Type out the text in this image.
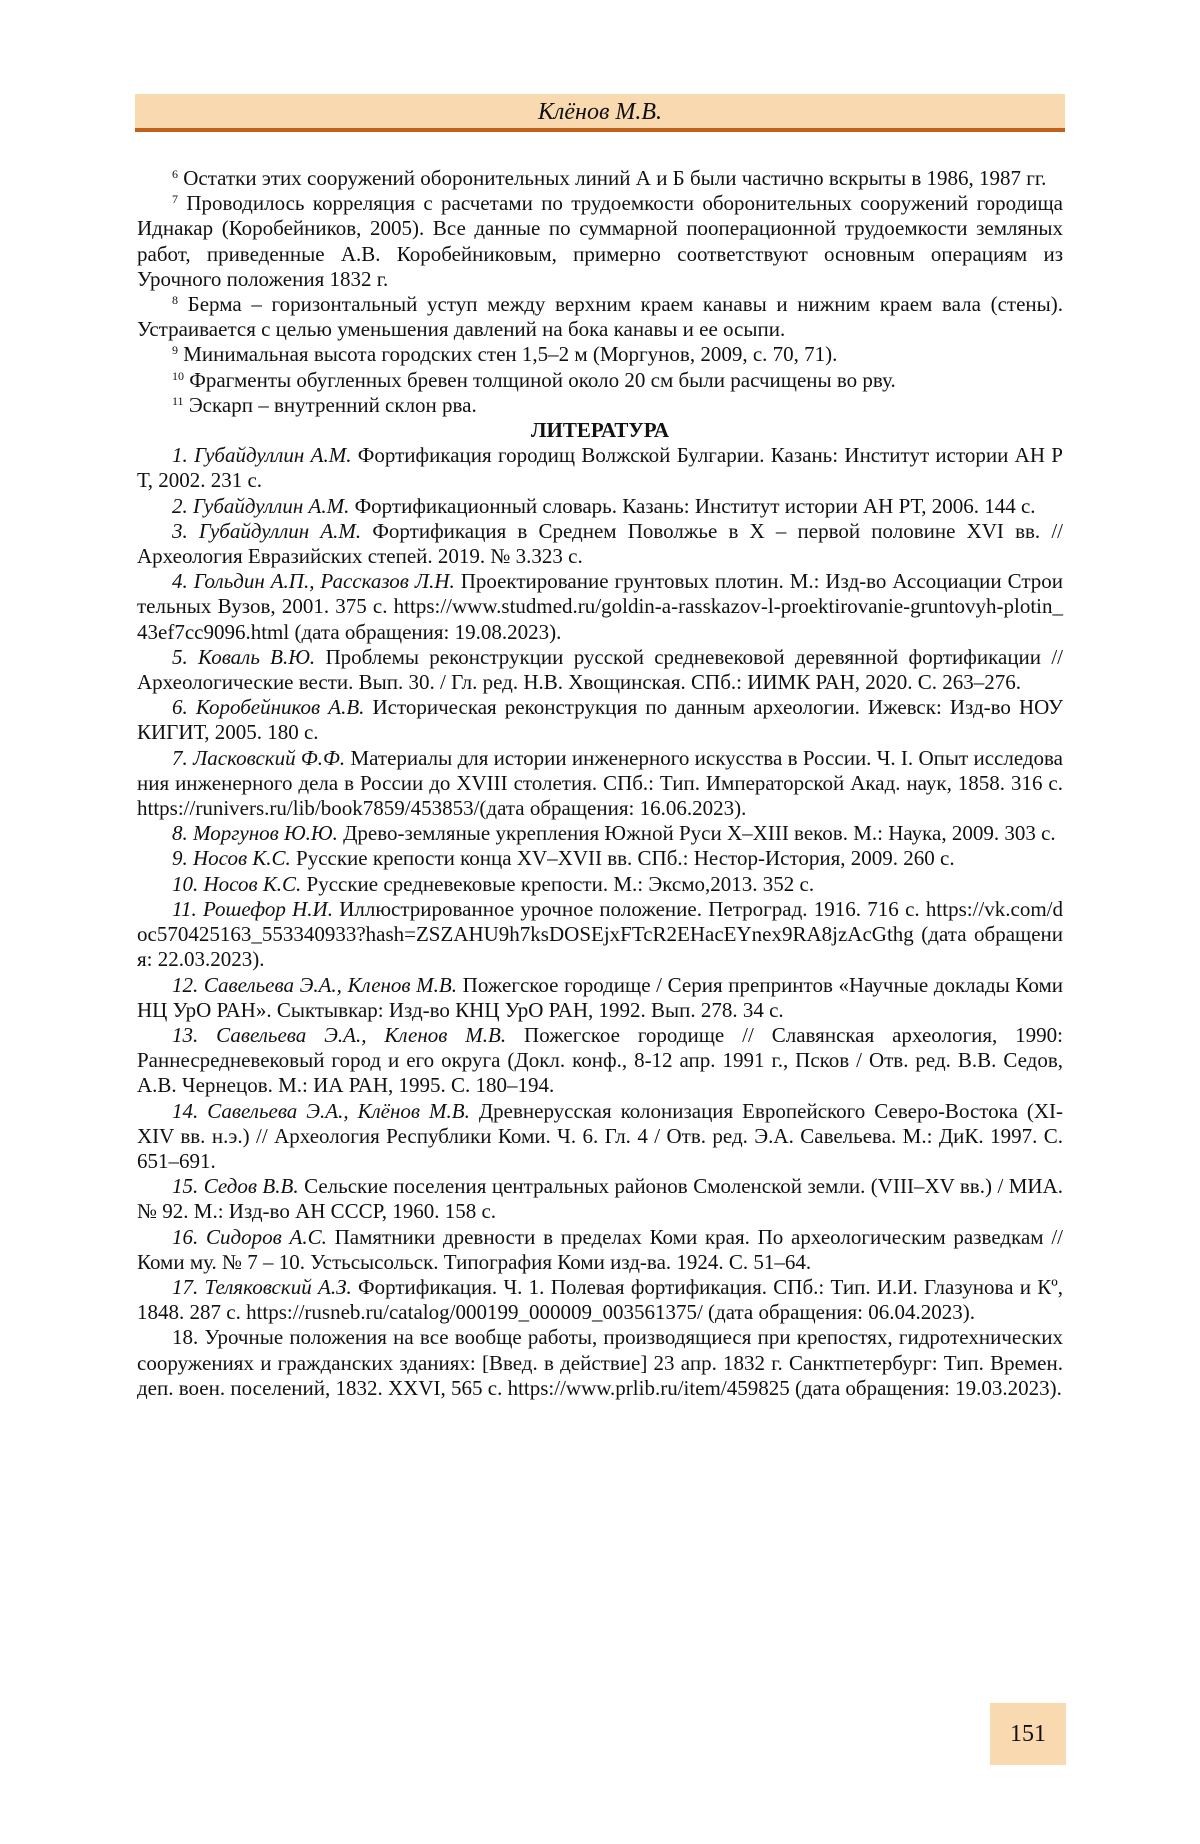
Клёнов М.В.

$^6$ Остатки этих сооружений оборонительных линий А и Б были частично вскрыты в 1986, 1987 гг.

$^7$ Проводилось корреляция с расчетами по трудоемкости оборонительных сооружений городища Иднакар (Коробейников, 2005). Все данные по суммарной пооперационной трудоемкости земляных работ, приведенные А.В. Коробейниковым, примерно соответствуют основным операциям из Урочного положения 1832 г.

$^8$ Берма – горизонтальный уступ между верхним краем канавы и нижним краем вала (стены). Устраивается с целью уменьшения давлений на бока канавы и ее осыпи.

$^9$ Минимальная высота городских стен 1,5–2 м (Моргунов, 2009, с. 70, 71).

$^{10}$ Фрагменты обугленных бревен толщиной около 20 см были расчищены во рву.

$^{11}$ Эскарп – внутренний склон рва.

ЛИТЕРАТУРА

1. Губайдуллин А.М. Фортификация городищ Волжской Булгарии. Казань: Институт истории АН РТ, 2002. 231 с.

2. Губайдуллин А.М. Фортификационный словарь. Казань: Институт истории АН РТ, 2006. 144 с.

3. Губайдуллин А.М. Фортификация в Среднем Поволжье в X – первой половине XVI вв. // Археология Евразийских степей. 2019. № 3.323 с.

4. Гольдин А.П., Рассказов Л.Н. Проектирование грунтовых плотин. М.: Изд-во Ассоциации Строительных Вузов, 2001. 375 с. https://www.studmed.ru/goldin-a-rasskazov-l-proektirovanie-gruntovyh-plotin_43ef7cc9096.html (дата обращения: 19.08.2023).

5. Коваль В.Ю. Проблемы реконструкции русской средневековой деревянной фортификации // Археологические вести. Вып. 30. / Гл. ред. Н.В. Хвощинская. СПб.: ИИМК РАН, 2020. С. 263–276.

6. Коробейников А.В. Историческая реконструкция по данным археологии. Ижевск: Изд-во НОУ КИГИТ, 2005. 180 с.

7. Ласковский Ф.Ф. Материалы для истории инженерного искусства в России. Ч. I. Опыт исследования инженерного дела в России до XVIII столетия. СПб.: Тип. Императорской Акад. наук, 1858. 316 с. https://runivers.ru/lib/book7859/453853/(дата обращения: 16.06.2023).

8. Моргунов Ю.Ю. Древо-земляные укрепления Южной Руси X–XIII веков. М.: Наука, 2009. 303 с.

9. Носов К.С. Русские крепости конца XV–XVII вв. СПб.: Нестор-История, 2009. 260 с.

10. Носов К.С. Русские средневековые крепости. М.: Эксмо,2013. 352 с.

11. Рошефор Н.И. Иллюстрированное урочное положение. Петроград. 1916. 716 с. https://vk.com/doc570425163_553340933?hash=ZSZAHU9h7ksDOSEjxFTcR2EHacEYnex9RA8jzAcGthg (дата обращения: 22.03.2023).

12. Савельева Э.А., Кленов М.В. Пожегское городище / Серия препринтов «Научные доклады Коми НЦ УрО РАН». Сыктывкар: Изд-во КНЦ УрО РАН, 1992. Вып. 278. 34 с.

13. Савельева Э.А., Кленов М.В. Пожегское городище // Славянская археология, 1990: Раннесредневековый город и его округа (Докл. конф., 8-12 апр. 1991 г., Псков / Отв. ред. В.В. Седов, А.В. Чернецов. М.: ИА РАН, 1995. С. 180–194.

14. Савельева Э.А., Клёнов М.В. Древнерусская колонизация Европейского Северо-Востока (XI-XIV вв. н.э.) // Археология Республики Коми. Ч. 6. Гл. 4 / Отв. ред. Э.А. Савельева. М.: ДиК. 1997. С. 651–691.

15. Седов В.В. Сельские поселения центральных районов Смоленской земли. (VIII–XV вв.) / МИА. № 92. М.: Изд-во АН СССР, 1960. 158 с.

16. Сидоров А.С. Памятники древности в пределах Коми края. По археологическим разведкам // Коми му. № 7 – 10. Устьсысольск. Типография Коми изд-ва. 1924. С. 51–64.

17. Теляковский А.З. Фортификация. Ч. 1. Полевая фортификация. СПб.: Тип. И.И. Глазунова и Кº, 1848. 287 с. https://rusneb.ru/catalog/000199_000009_003561375/ (дата обращения: 06.04.2023).

18. Урочные положения на все вообще работы, производящиеся при крепостях, гидротехнических сооружениях и гражданских зданиях: [Введ. в действие] 23 апр. 1832 г. Санктпетербург: Тип. Времен. деп. воен. поселений, 1832. XXVI, 565 с. https://www.prlib.ru/item/459825 (дата обращения: 19.03.2023).

151
